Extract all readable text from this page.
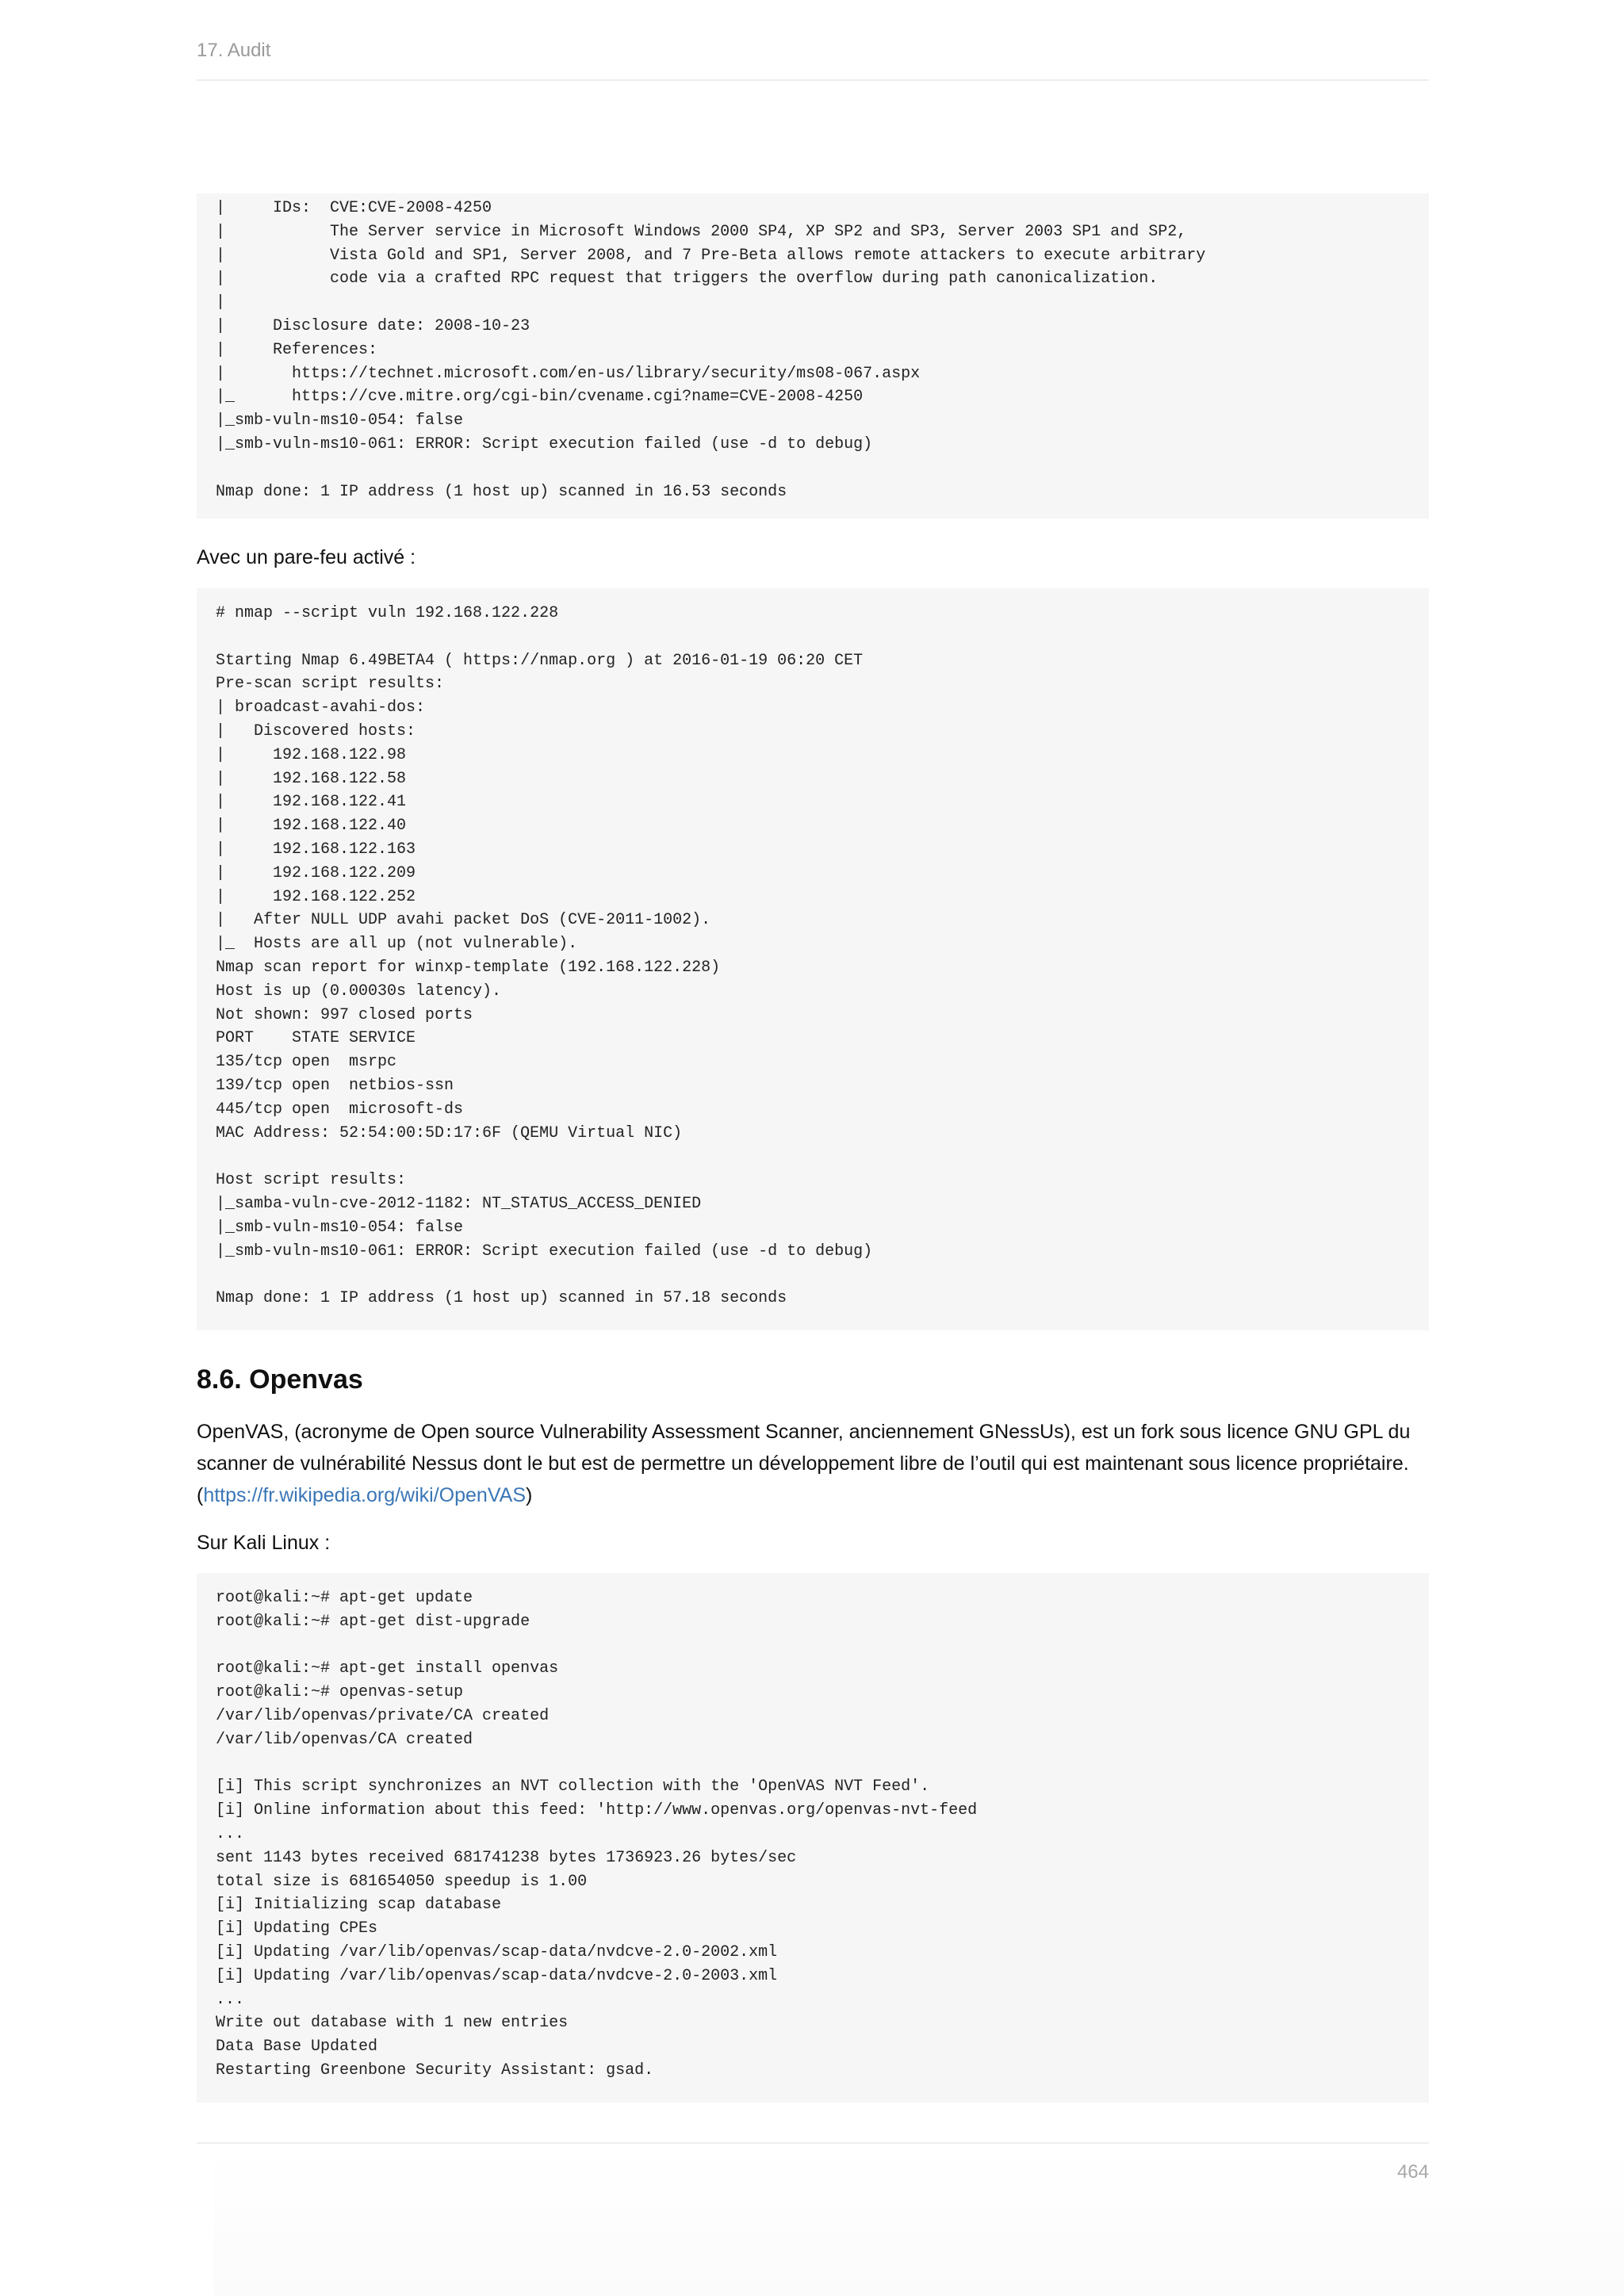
17. Audit
|     IDs:  CVE:CVE-2008-4250
|           The Server service in Microsoft Windows 2000 SP4, XP SP2 and SP3, Server 2003 SP1 and SP2,
|           Vista Gold and SP1, Server 2008, and 7 Pre-Beta allows remote attackers to execute arbitrary
|           code via a crafted RPC request that triggers the overflow during path canonicalization.
|
|     Disclosure date: 2008-10-23
|     References:
|       https://technet.microsoft.com/en-us/library/security/ms08-067.aspx
|_      https://cve.mitre.org/cgi-bin/cvename.cgi?name=CVE-2008-4250
|_smb-vuln-ms10-054: false
|_smb-vuln-ms10-061: ERROR: Script execution failed (use -d to debug)

Nmap done: 1 IP address (1 host up) scanned in 16.53 seconds

Avec un pare-feu activé :

# nmap --script vuln 192.168.122.228

Starting Nmap 6.49BETA4 ( https://nmap.org ) at 2016-01-19 06:20 CET
Pre-scan script results:
| broadcast-avahi-dos:
|   Discovered hosts:
|     192.168.122.98
|     192.168.122.58
|     192.168.122.41
|     192.168.122.40
|     192.168.122.163
|     192.168.122.209
|     192.168.122.252
|   After NULL UDP avahi packet DoS (CVE-2011-1002).
|_  Hosts are all up (not vulnerable).
Nmap scan report for winxp-template (192.168.122.228)
Host is up (0.00030s latency).
Not shown: 997 closed ports
PORT    STATE SERVICE
135/tcp open  msrpc
139/tcp open  netbios-ssn
445/tcp open  microsoft-ds
MAC Address: 52:54:00:5D:17:6F (QEMU Virtual NIC)

Host script results:
|_samba-vuln-cve-2012-1182: NT_STATUS_ACCESS_DENIED
|_smb-vuln-ms10-054: false
|_smb-vuln-ms10-061: ERROR: Script execution failed (use -d to debug)

Nmap done: 1 IP address (1 host up) scanned in 57.18 seconds
8.6. Openvas

OpenVAS, (acronyme de Open source Vulnerability Assessment Scanner, anciennement GNessUs), est un fork sous licence GNU GPL du scanner de vulnérabilité Nessus dont le but est de permettre un développement libre de l’outil qui est maintenant sous licence propriétaire.
(https://fr.wikipedia.org/wiki/OpenVAS)

Sur Kali Linux :

root@kali:~# apt-get update
root@kali:~# apt-get dist-upgrade

root@kali:~# apt-get install openvas
root@kali:~# openvas-setup
/var/lib/openvas/private/CA created
/var/lib/openvas/CA created

[i] This script synchronizes an NVT collection with the 'OpenVAS NVT Feed'.
[i] Online information about this feed: 'http://www.openvas.org/openvas-nvt-feed
...
sent 1143 bytes received 681741238 bytes 1736923.26 bytes/sec
total size is 681654050 speedup is 1.00
[i] Initializing scap database
[i] Updating CPEs
[i] Updating /var/lib/openvas/scap-data/nvdcve-2.0-2002.xml
[i] Updating /var/lib/openvas/scap-data/nvdcve-2.0-2003.xml
...
Write out database with 1 new entries
Data Base Updated
Restarting Greenbone Security Assistant: gsad.
464
